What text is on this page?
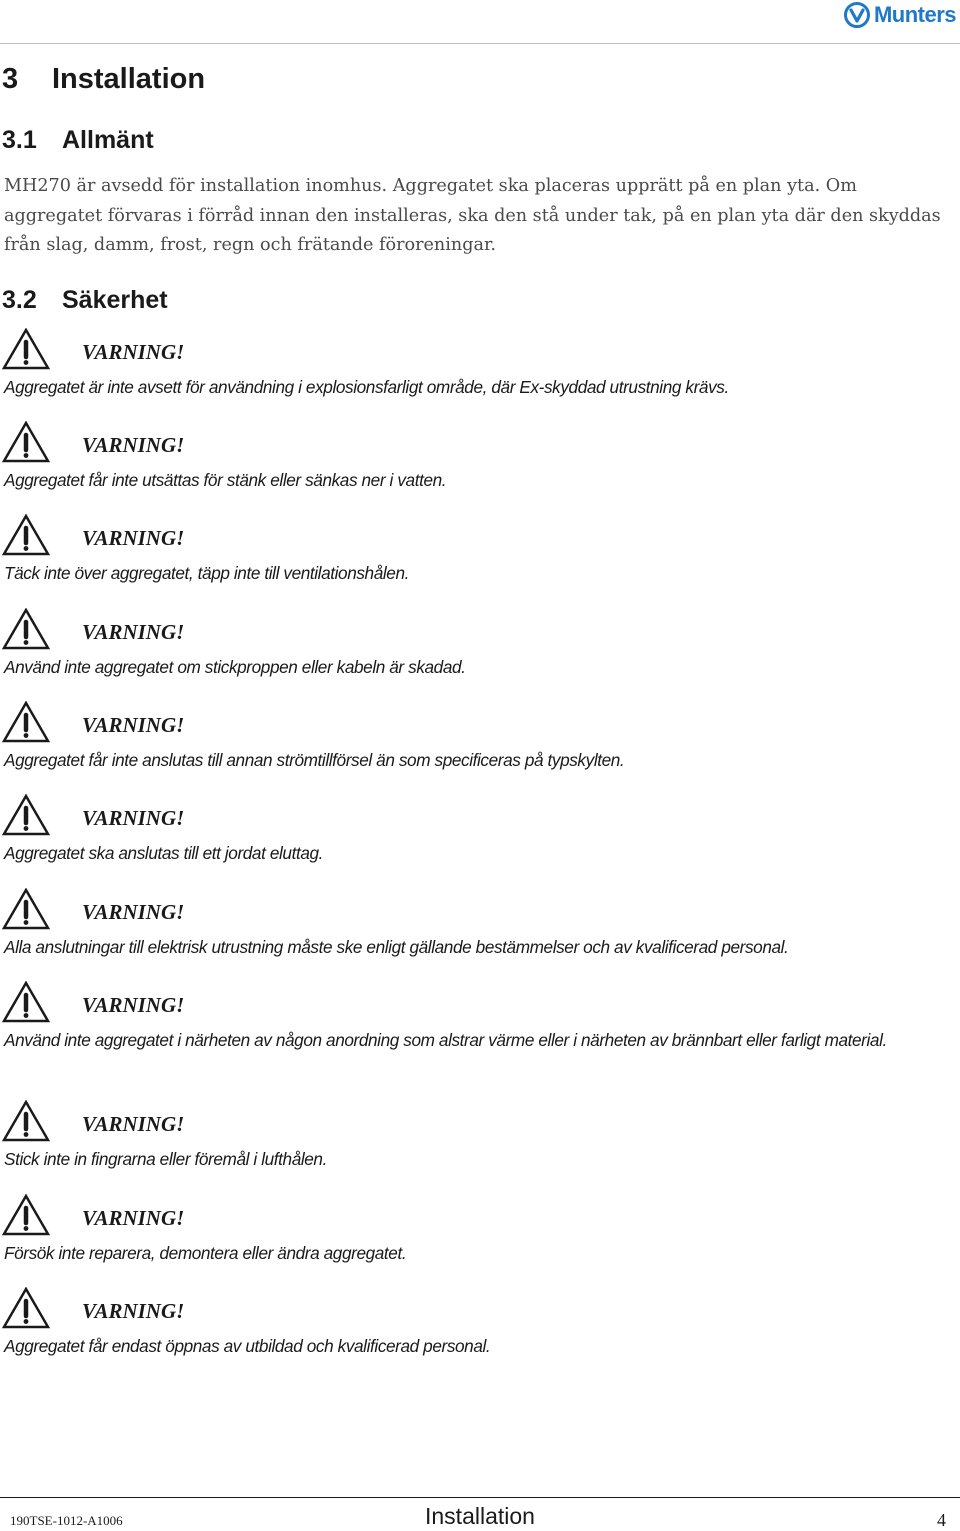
Munters
3 Installation
3.1 Allmänt

MH270 är avsedd för installation inomhus. Aggregatet ska placeras upprätt på en plan yta. Om aggregatet förvaras i förråd innan den installeras, ska den stå under tak, på en plan yta där den skyddas från slag, damm, frost, regn och frätande föroreningar.

3.2 Säkerhet
VARNING!

Aggregatet är inte avsett för användning i explosionsfarligt område, där Ex-skyddad utrustning krävs.

VARNING!

Aggregatet får inte utsättas för stänk eller sänkas ner i vatten.

VARNING!

Täck inte över aggregatet, täpp inte till ventilationshålen.

VARNING!

Använd inte aggregatet om stickproppen eller kabeln är skadad.

VARNING!

Aggregatet får inte anslutas till annan strömtillförsel än som specificeras på typskylten.

VARNING!

Aggregatet ska anslutas till ett jordat eluttag.

VARNING!

Alla anslutningar till elektrisk utrustning måste ske enligt gällande bestämmelser och av kvalificerad personal.

VARNING!

Använd inte aggregatet i närheten av någon anordning som alstrar värme eller i närheten av brännbart eller farligt material.

VARNING!

Stick inte in fingrarna eller föremål i lufthålen.

VARNING!

Försök inte reparera, demontera eller ändra aggregatet.

VARNING!

Aggregatet får endast öppnas av utbildad och kvalificerad personal.

190TSE-1012-A1006	Installation	4
